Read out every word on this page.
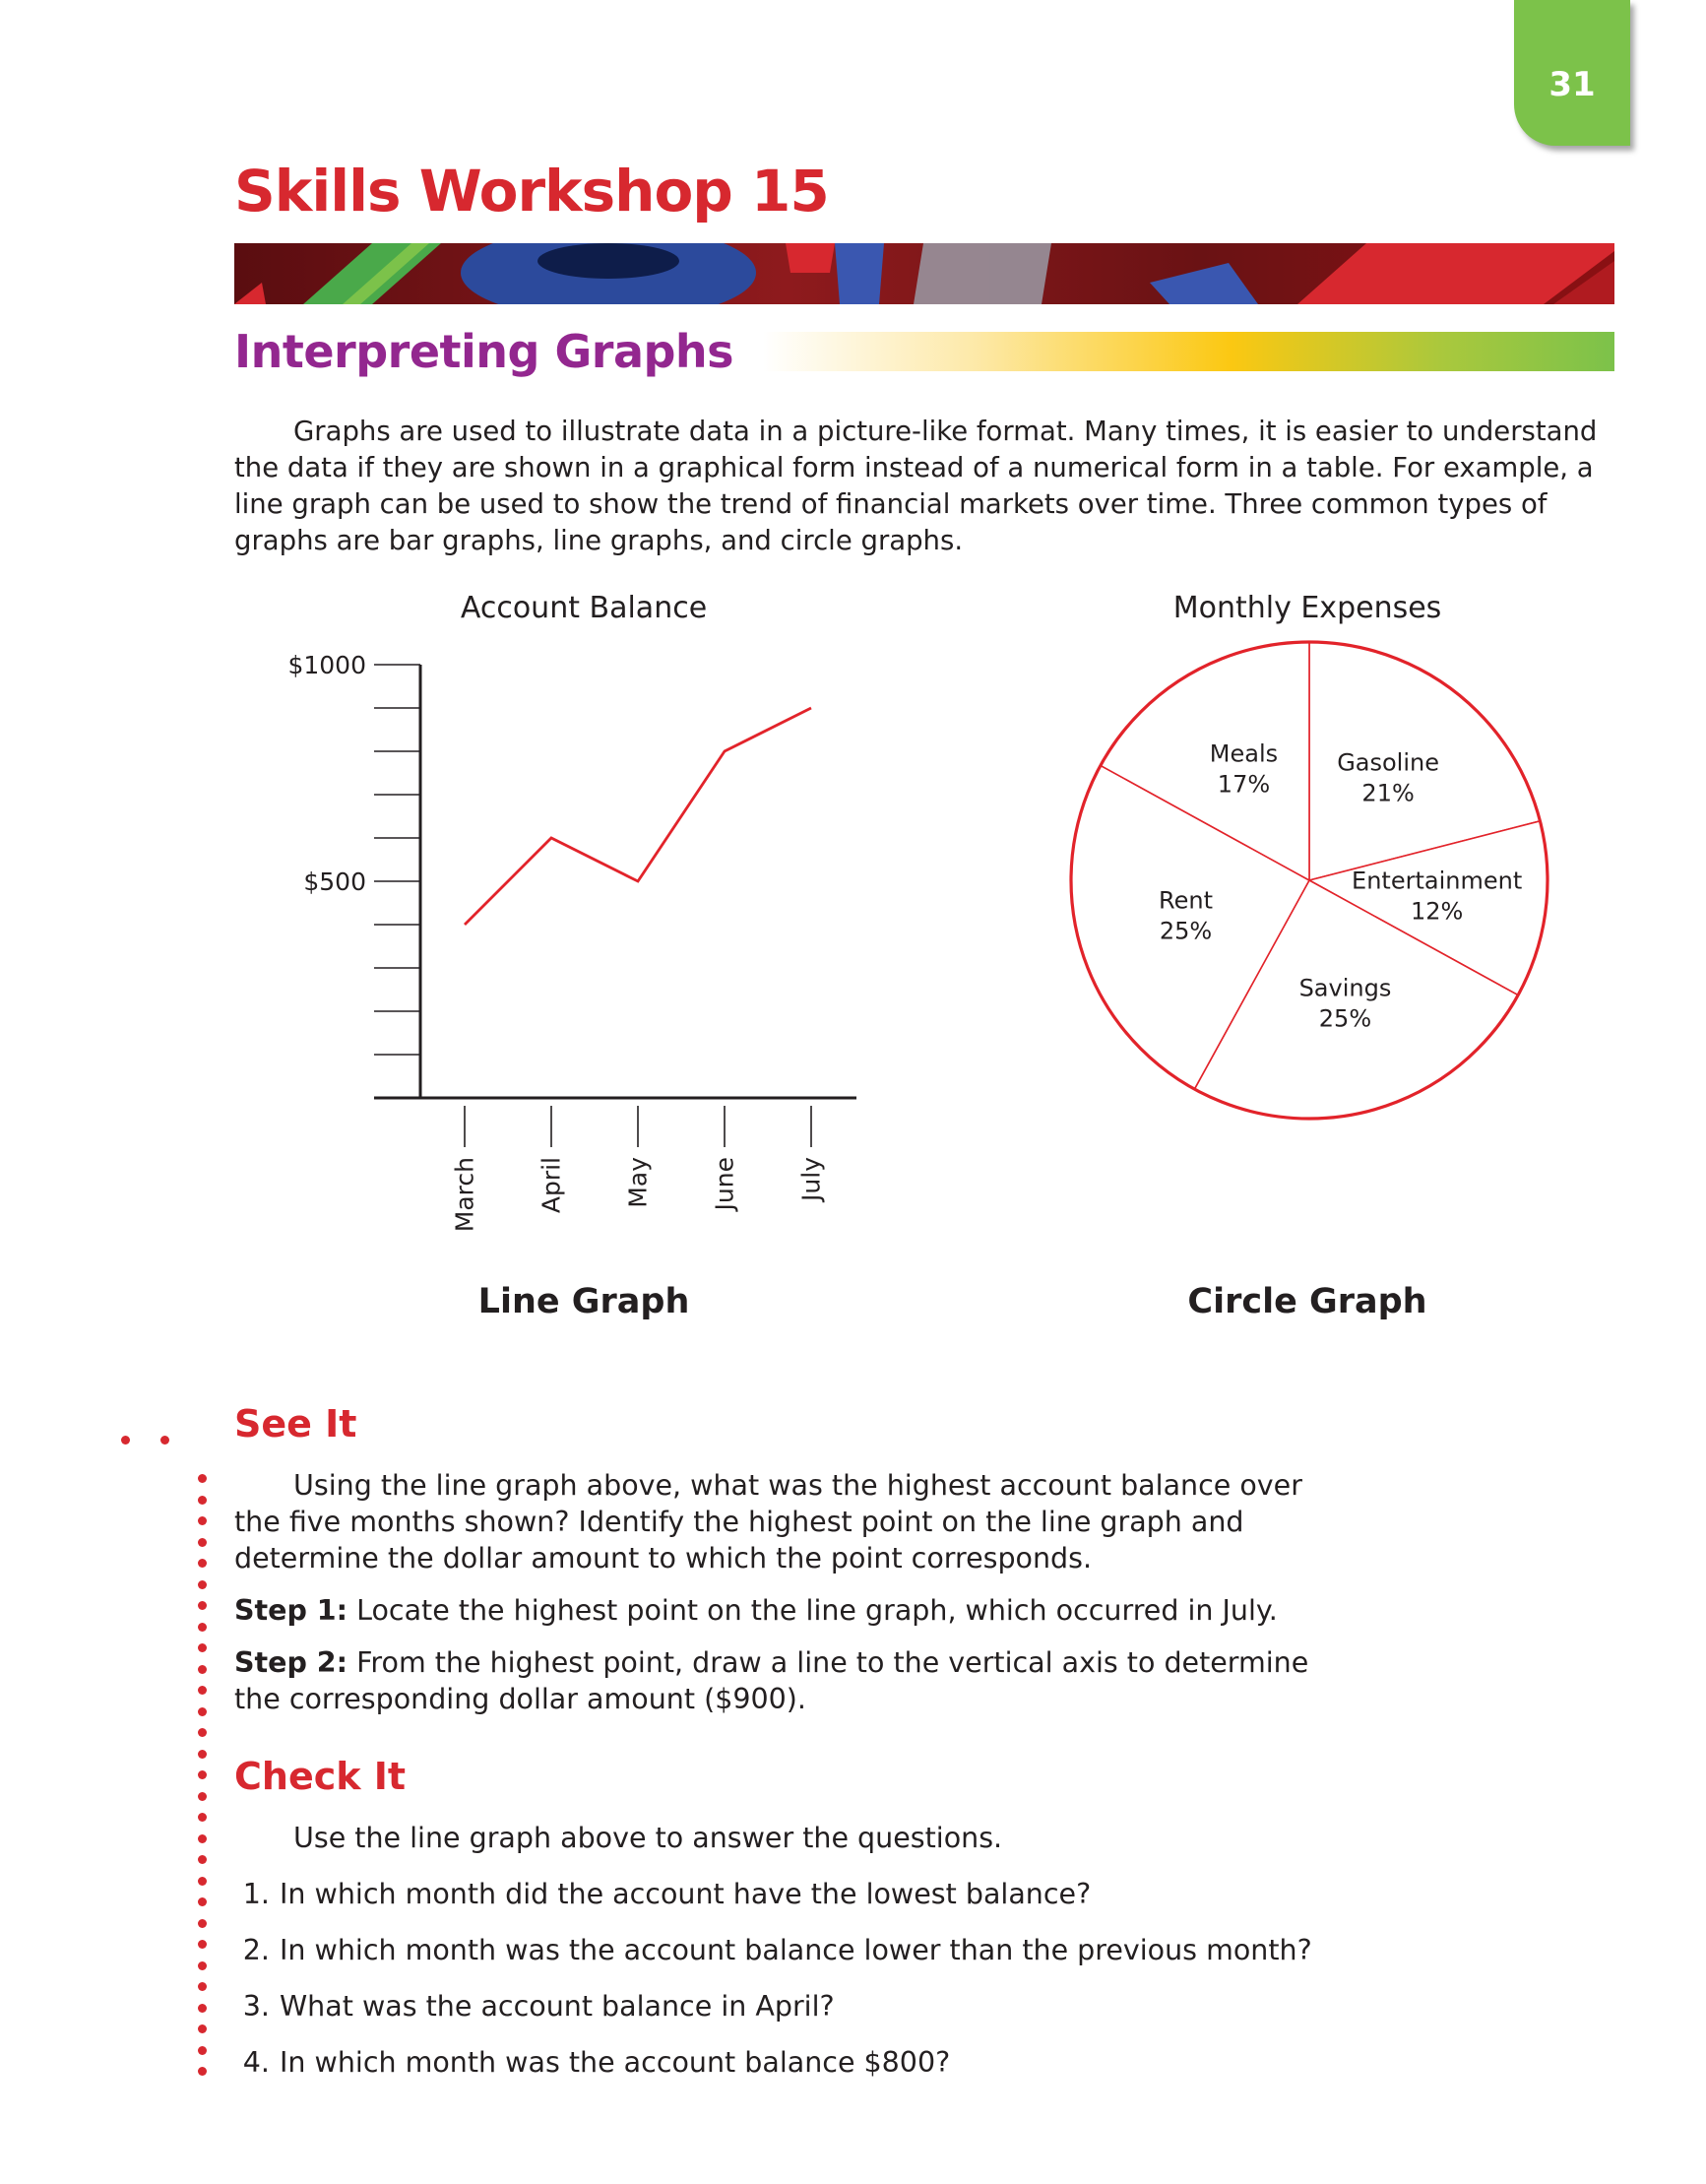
31
Skills Workshop 15
Interpreting Graphs

Graphs are used to illustrate data in a picture-like format. Many times, it is easier to understand the data if they are shown in a graphical form instead of a numerical form in a table. For example, a line graph can be used to show the trend of financial markets over time. Three common types of graphs are bar graphs, line graphs, and circle graphs.

Account Balance
$1000
$500
March April May June July
Line Graph
Monthly Expenses
Gasoline
21%
Entertainment
12%
Savings
25%
Rent
25%
Meals
17%
Circle Graph
See It

Using the line graph above, what was the highest account balance over the five months shown? Identify the highest point on the line graph and determine the dollar amount to which the point corresponds.

Step 1: Locate the highest point on the line graph, which occurred in July.

Step 2: From the highest point, draw a line to the vertical axis to determine the corresponding dollar amount ($900).

Check It

Use the line graph above to answer the questions.

1. In which month did the account have the lowest balance?

2. In which month was the account balance lower than the previous month?

3. What was the account balance in April?

4. In which month was the account balance $800?
